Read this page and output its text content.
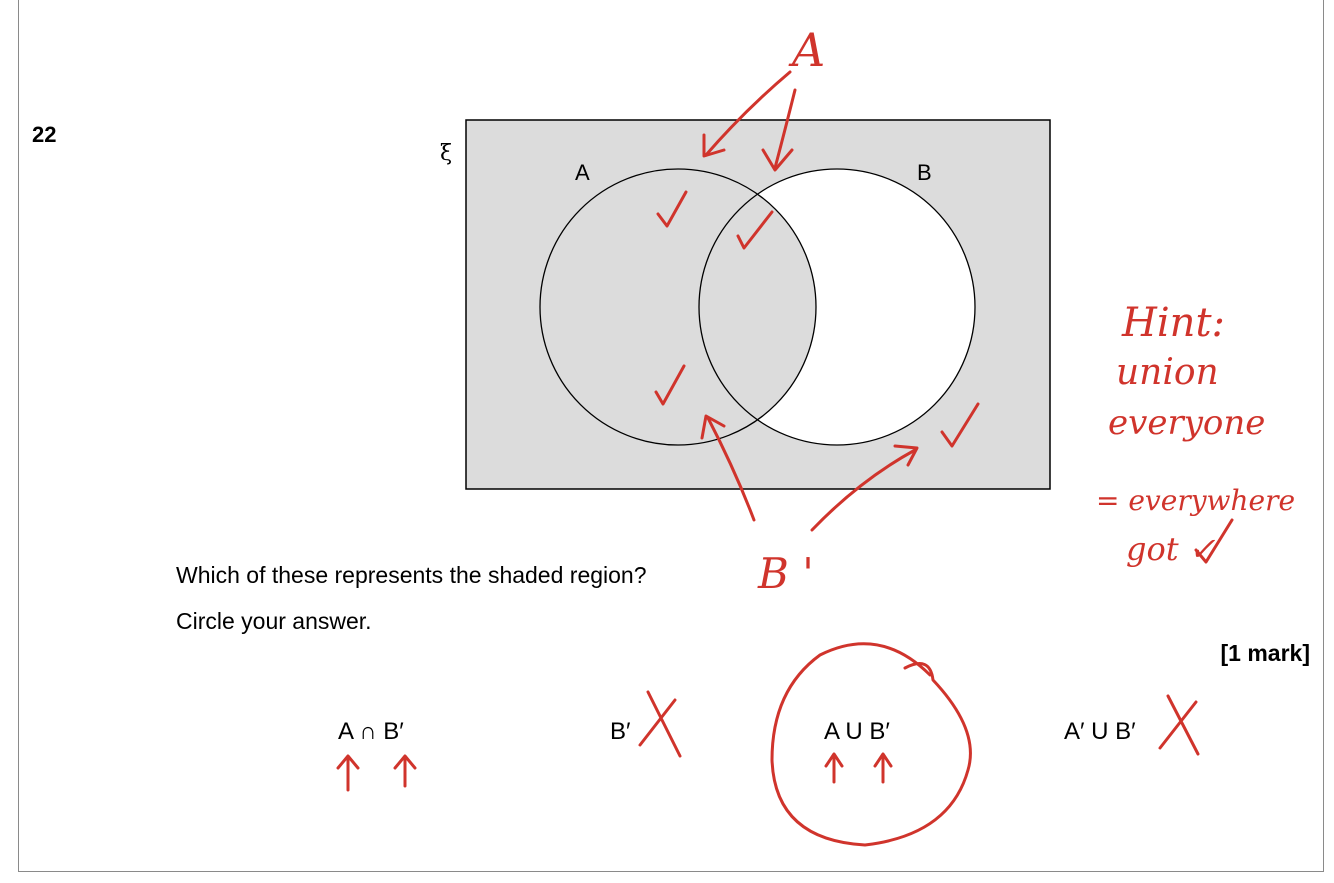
22
ξ
A	B
A
B '
Hint:
union
everyone
= everywhere
got ✓
Which of these represents the shaded region?
Circle your answer.
[1 mark]
A ∩ B′	B′	A U B′	A′ U B′
